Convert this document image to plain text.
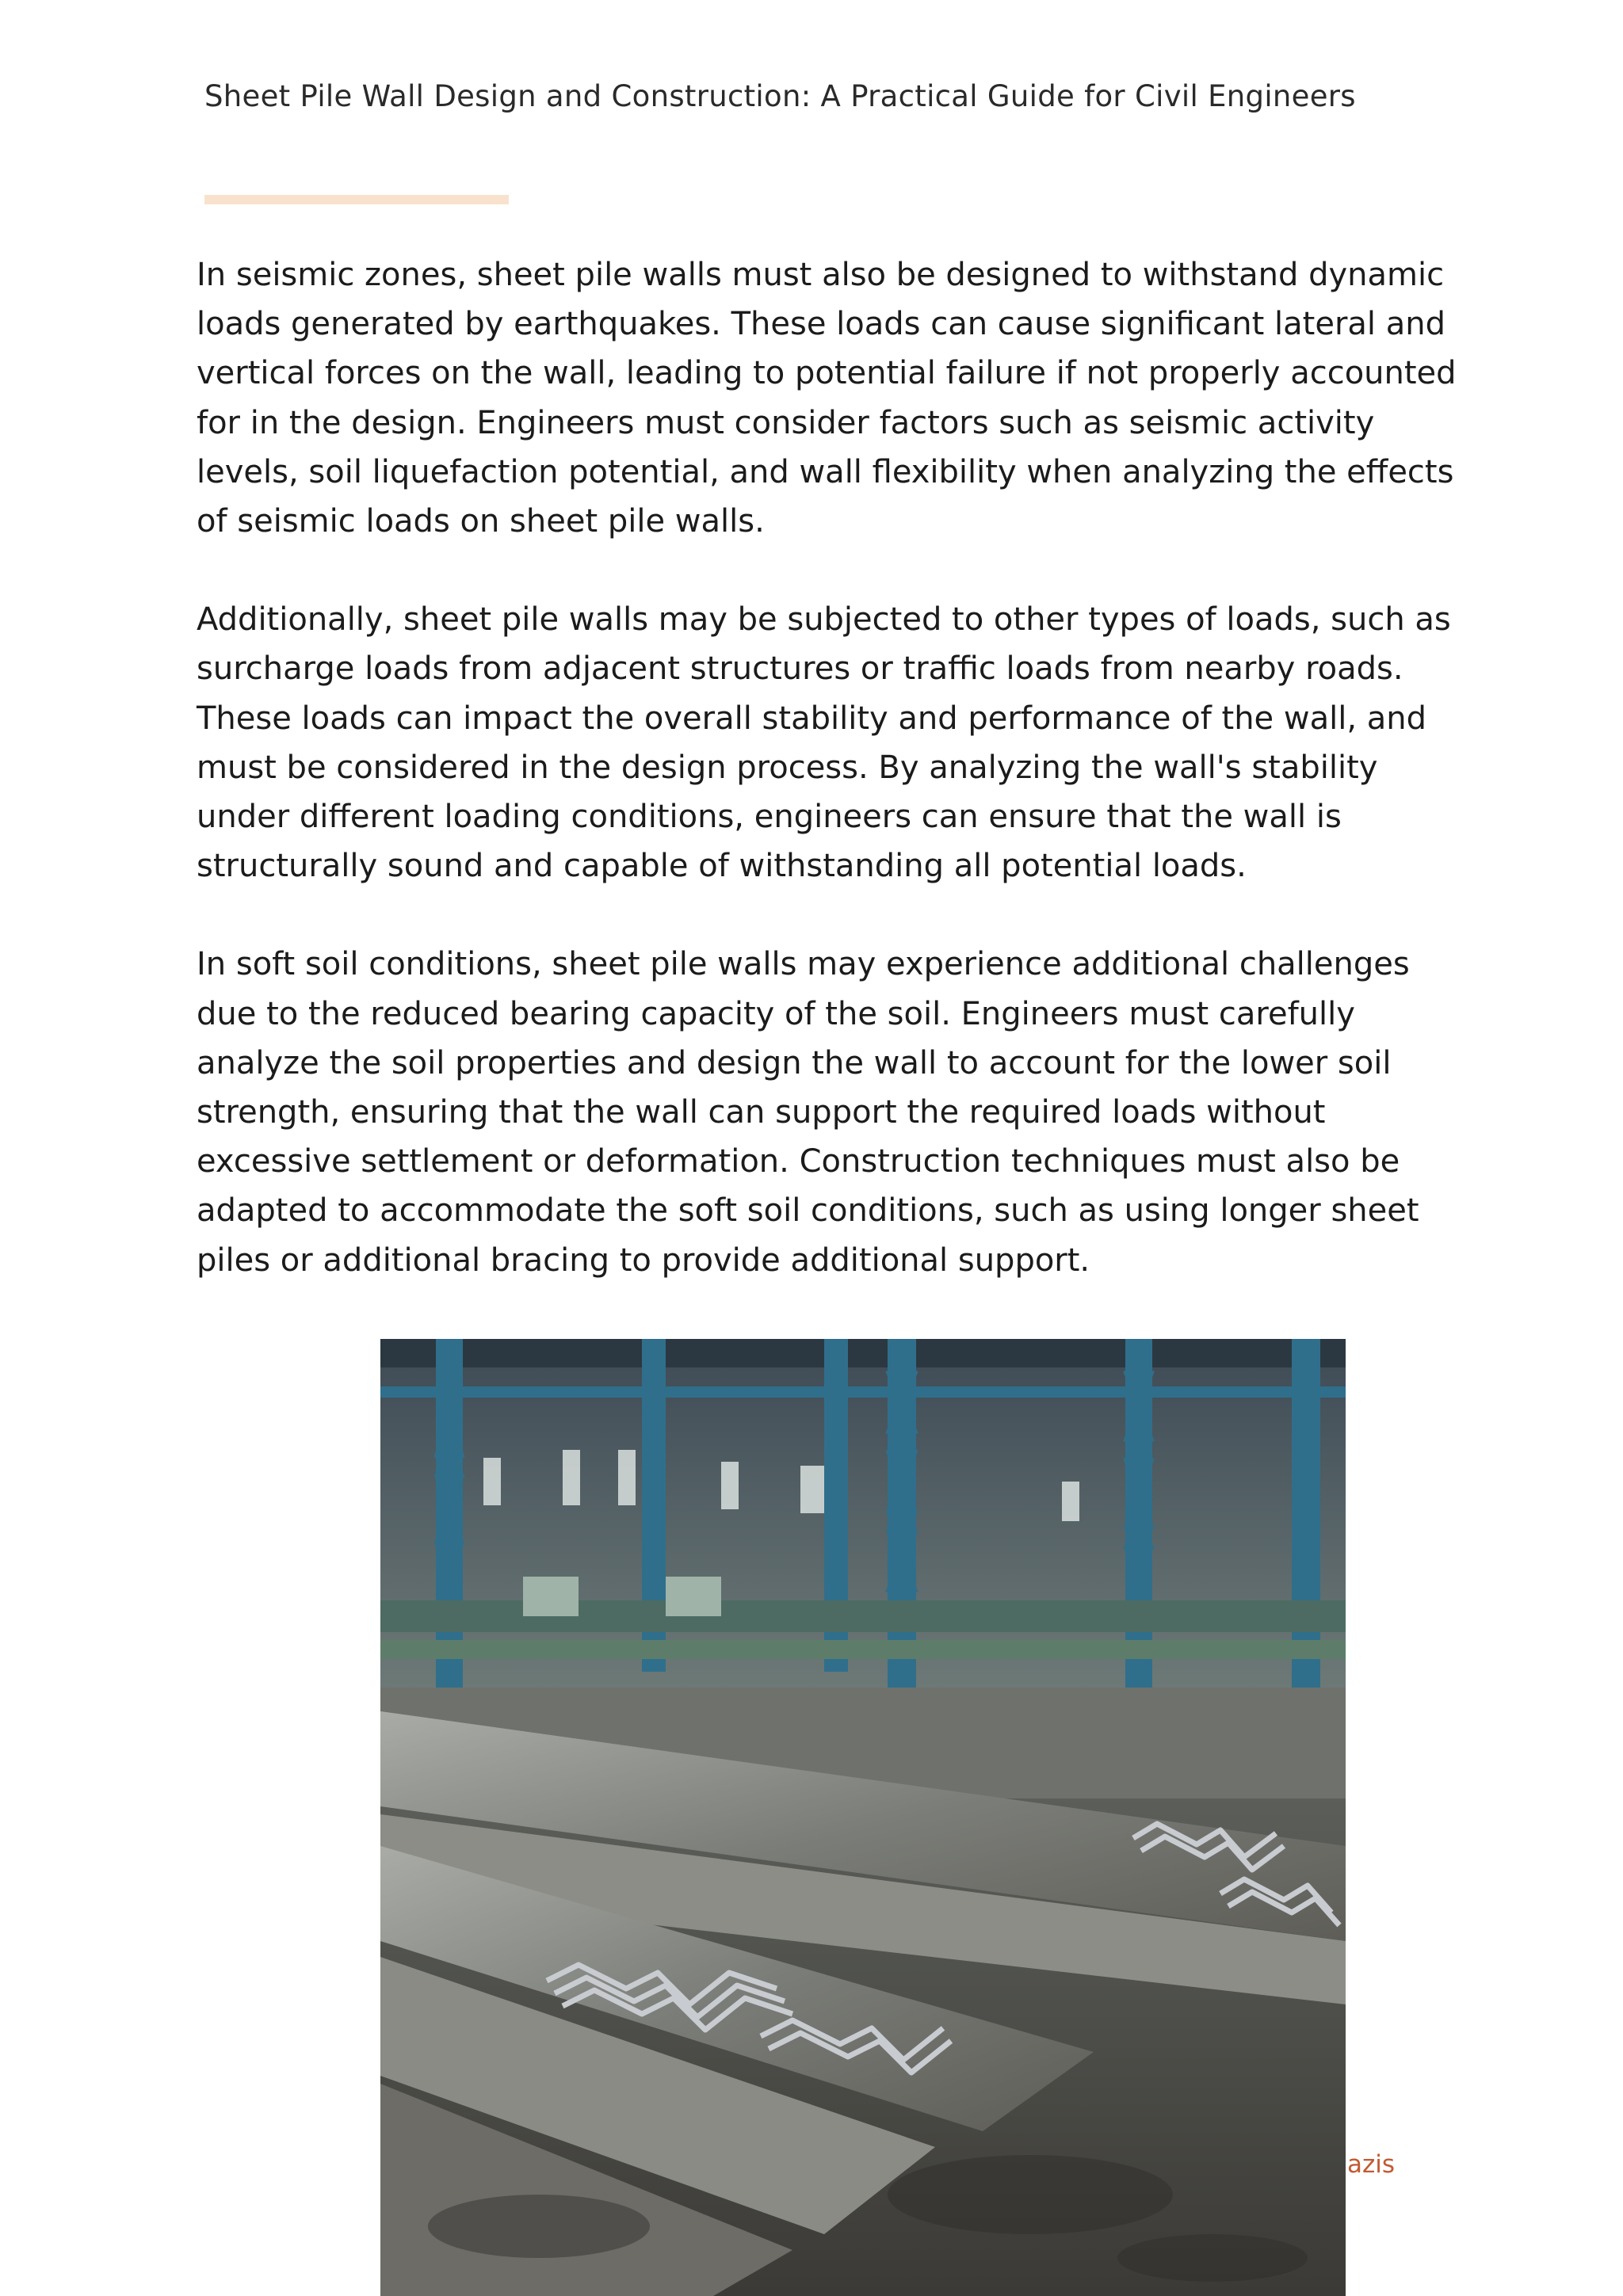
Sheet Pile Wall Design and Construction: A Practical Guide for Civil Engineers

In seismic zones, sheet pile walls must also be designed to withstand dynamic loads generated by earthquakes. These loads can cause significant lateral and vertical forces on the wall, leading to potential failure if not properly accounted for in the design. Engineers must consider factors such as seismic activity levels, soil liquefaction potential, and wall flexibility when analyzing the effects of seismic loads on sheet pile walls.

Additionally, sheet pile walls may be subjected to other types of loads, such as surcharge loads from adjacent structures or traffic loads from nearby roads. These loads can impact the overall stability and performance of the wall, and must be considered in the design process. By analyzing the wall's stability under different loading conditions, engineers can ensure that the wall is structurally sound and capable of withstanding all potential loads.

In soft soil conditions, sheet pile walls may experience additional challenges due to the reduced bearing capacity of the soil. Engineers must carefully analyze the soil properties and design the wall to account for the lower soil strength, ensuring that the wall can support the required loads without excessive settlement or deformation. Construction techniques must also be adapted to accommodate the soft soil conditions, such as using longer sheet piles or additional bracing to provide additional support.

azis
